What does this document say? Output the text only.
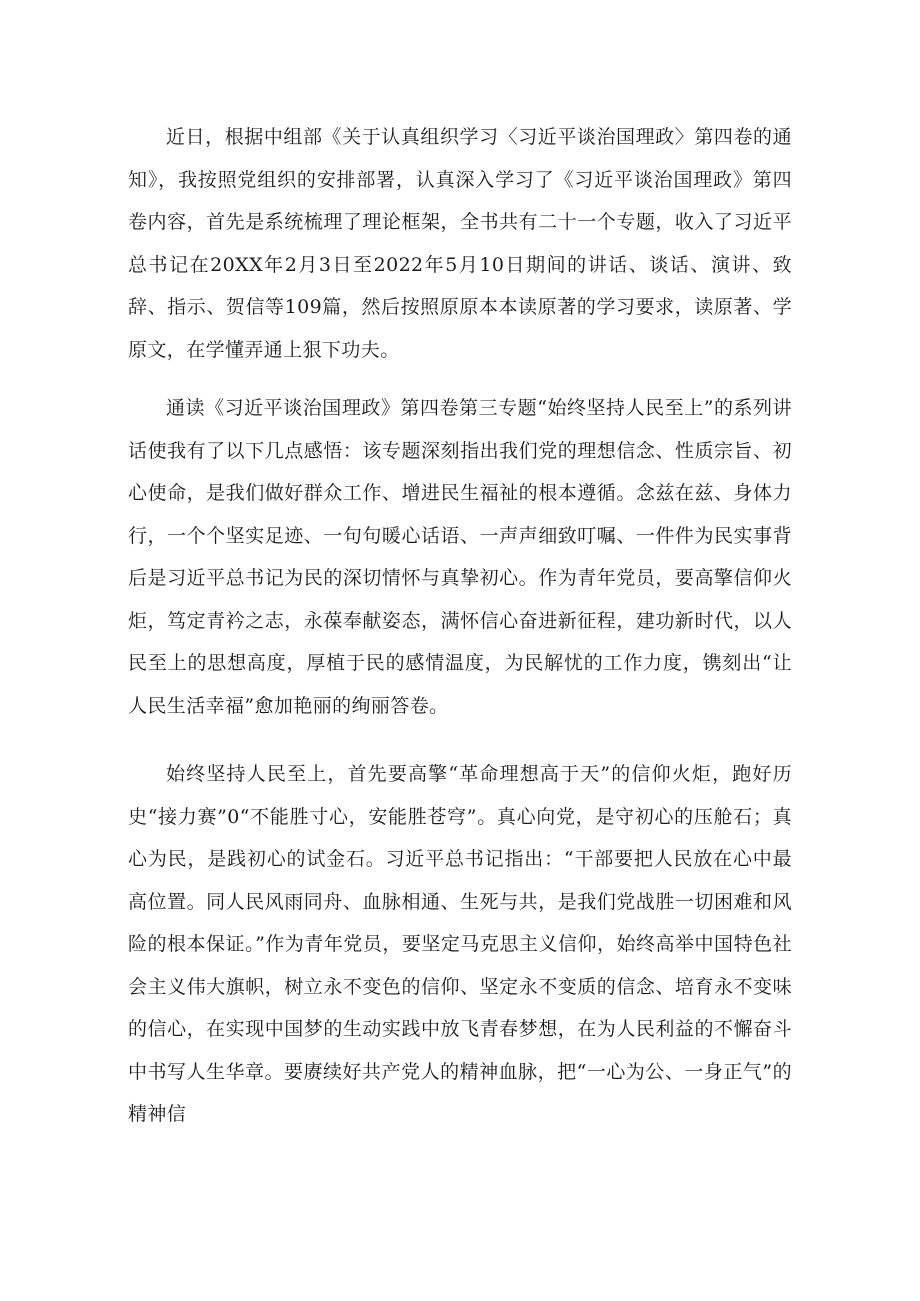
近日，根据中组部《关于认真组织学习〈习近平谈治国理政〉第四卷的通知》，我按照党组织的安排部署，认真深入学习了《习近平谈治国理政》第四卷内容，首先是系统梳理了理论框架，全书共有二十一个专题，收入了习近平总书记在20XX年2月3日至2022年5月10日期间的讲话、谈话、演讲、致辞、指示、贺信等109篇，然后按照原原本本读原著的学习要求，读原著、学原文，在学懂弄通上狠下功夫。

通读《习近平谈治国理政》第四卷第三专题“始终坚持人民至上”的系列讲话使我有了以下几点感悟：该专题深刻指出我们党的理想信念、性质宗旨、初心使命，是我们做好群众工作、增进民生福祉的根本遵循。念兹在兹、身体力行，一个个坚实足迹、一句句暖心话语、一声声细致叮嘱、一件件为民实事背后是习近平总书记为民的深切情怀与真挚初心。作为青年党员，要高擎信仰火炬，笃定青衿之志，永葆奉献姿态，满怀信心奋进新征程，建功新时代，以人民至上的思想高度，厚植于民的感情温度，为民解忧的工作力度，镌刻出“让人民生活幸福”愈加艳丽的绚丽答卷。

始终坚持人民至上，首先要高擎“革命理想高于天”的信仰火炬，跑好历史“接力赛”0“不能胜寸心，安能胜苍穹”。真心向党，是守初心的压舱石；真心为民，是践初心的试金石。习近平总书记指出：“干部要把人民放在心中最高位置。同人民风雨同舟、血脉相通、生死与共，是我们党战胜一切困难和风险的根本保证。”作为青年党员，要坚定马克思主义信仰，始终高举中国特色社会主义伟大旗帜，树立永不变色的信仰、坚定永不变质的信念、培育永不变味的信心，在实现中国梦的生动实践中放飞青春梦想，在为人民利益的不懈奋斗中书写人生华章。要赓续好共产党人的精神血脉，把“一心为公、一身正气”的精神信
